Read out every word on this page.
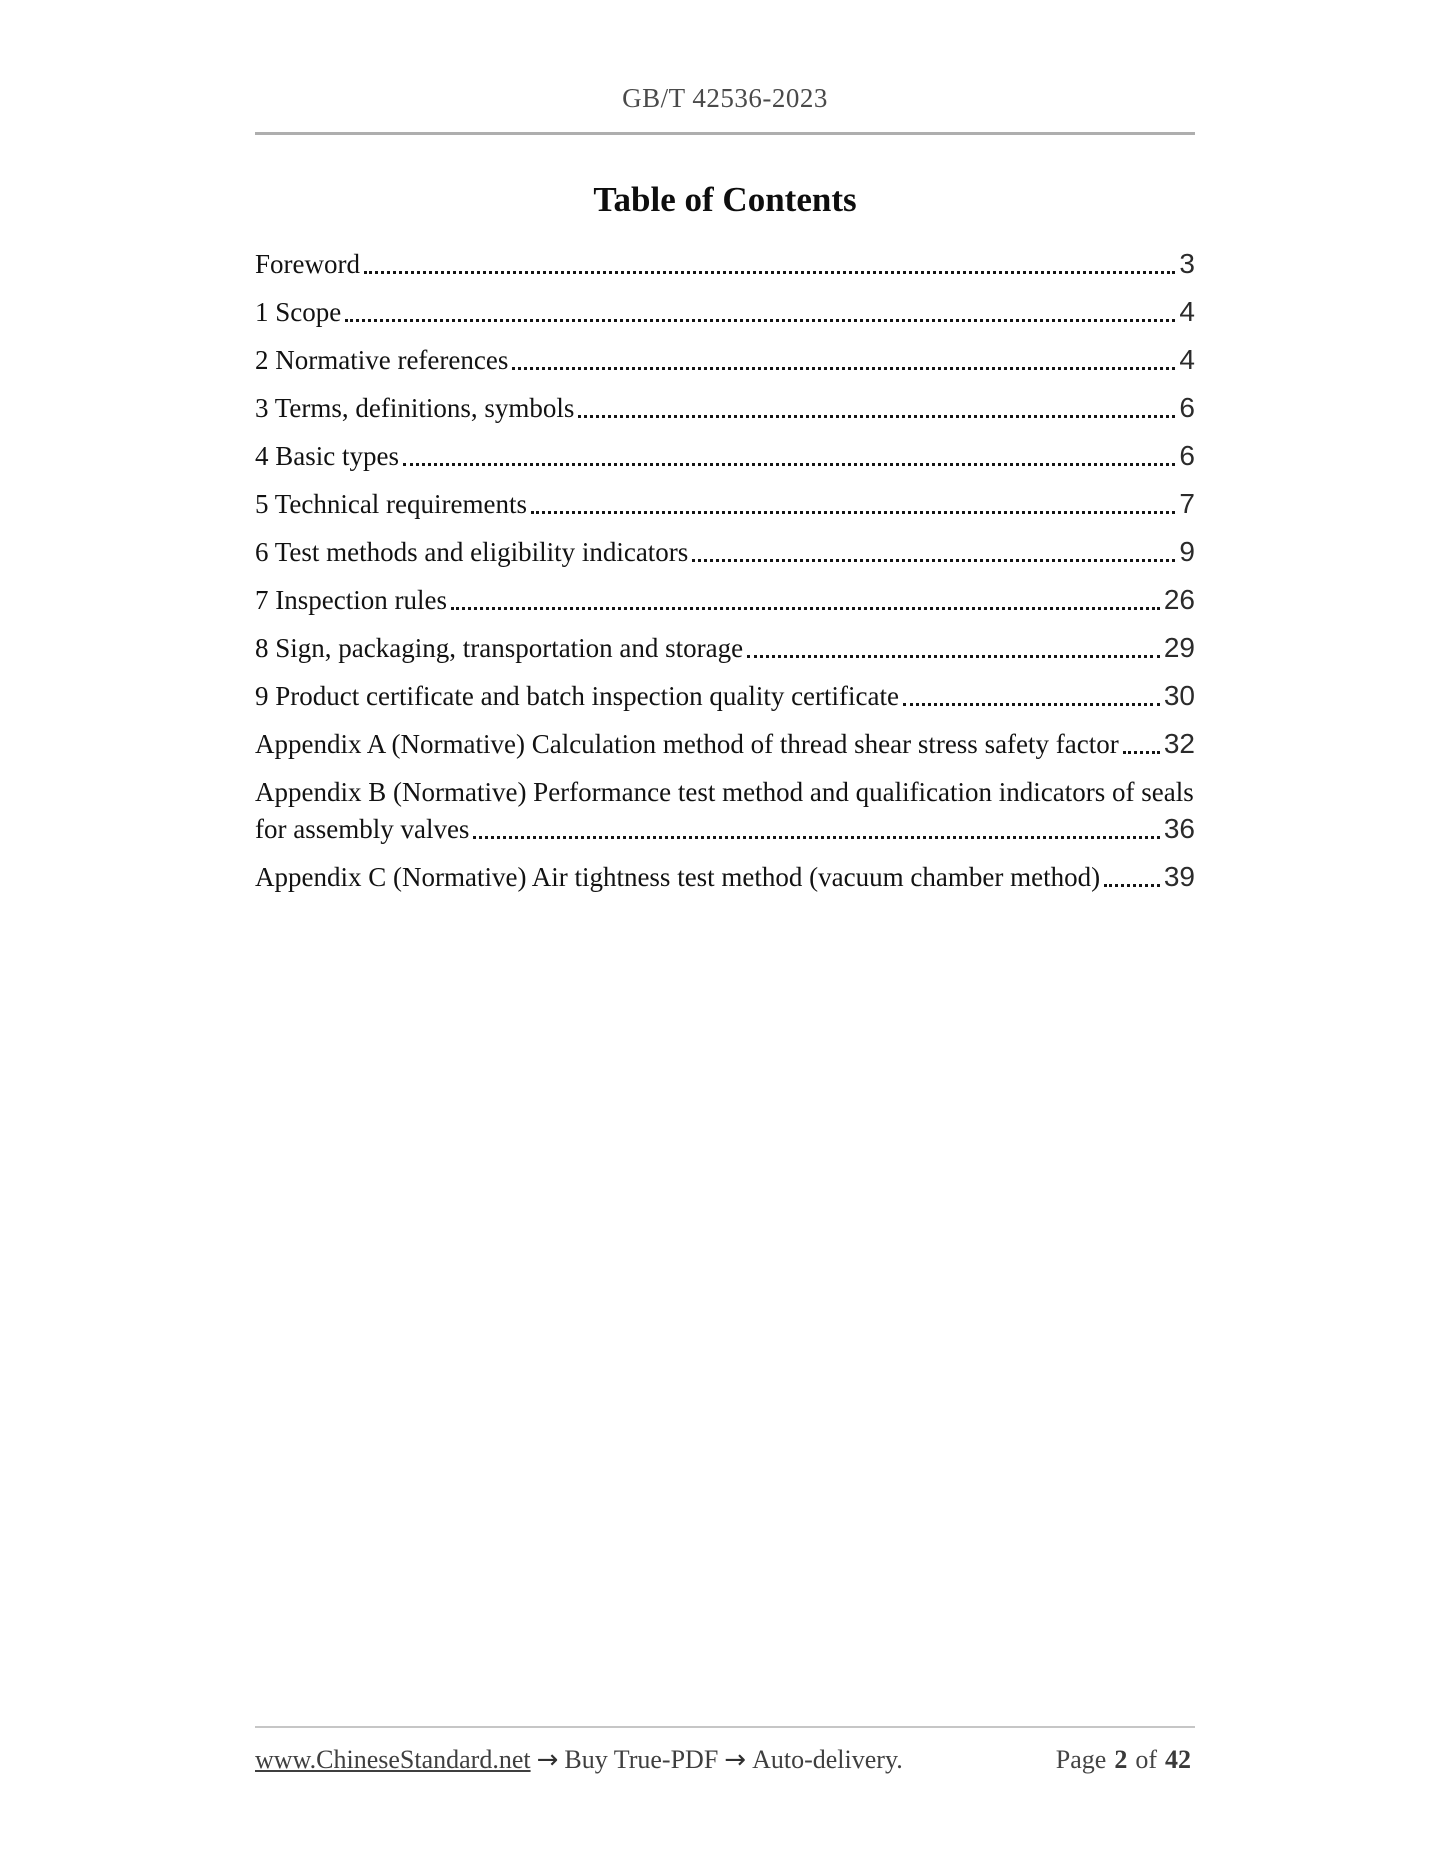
GB/T 42536-2023
Table of Contents
Foreword	3
1 Scope	4
2 Normative references	4
3 Terms, definitions, symbols	6
4 Basic types	6
5 Technical requirements	7
6 Test methods and eligibility indicators	9
7 Inspection rules	26
8 Sign, packaging, transportation and storage	29
9 Product certificate and batch inspection quality certificate	30
Appendix A (Normative) Calculation method of thread shear stress safety factor 32
Appendix B (Normative) Performance test method and qualification indicators of seals
for assembly valves	36
Appendix C (Normative) Air tightness test method (vacuum chamber method) 39
www.ChineseStandard.net → Buy True-PDF → Auto-delivery.	Page 2 of 42
